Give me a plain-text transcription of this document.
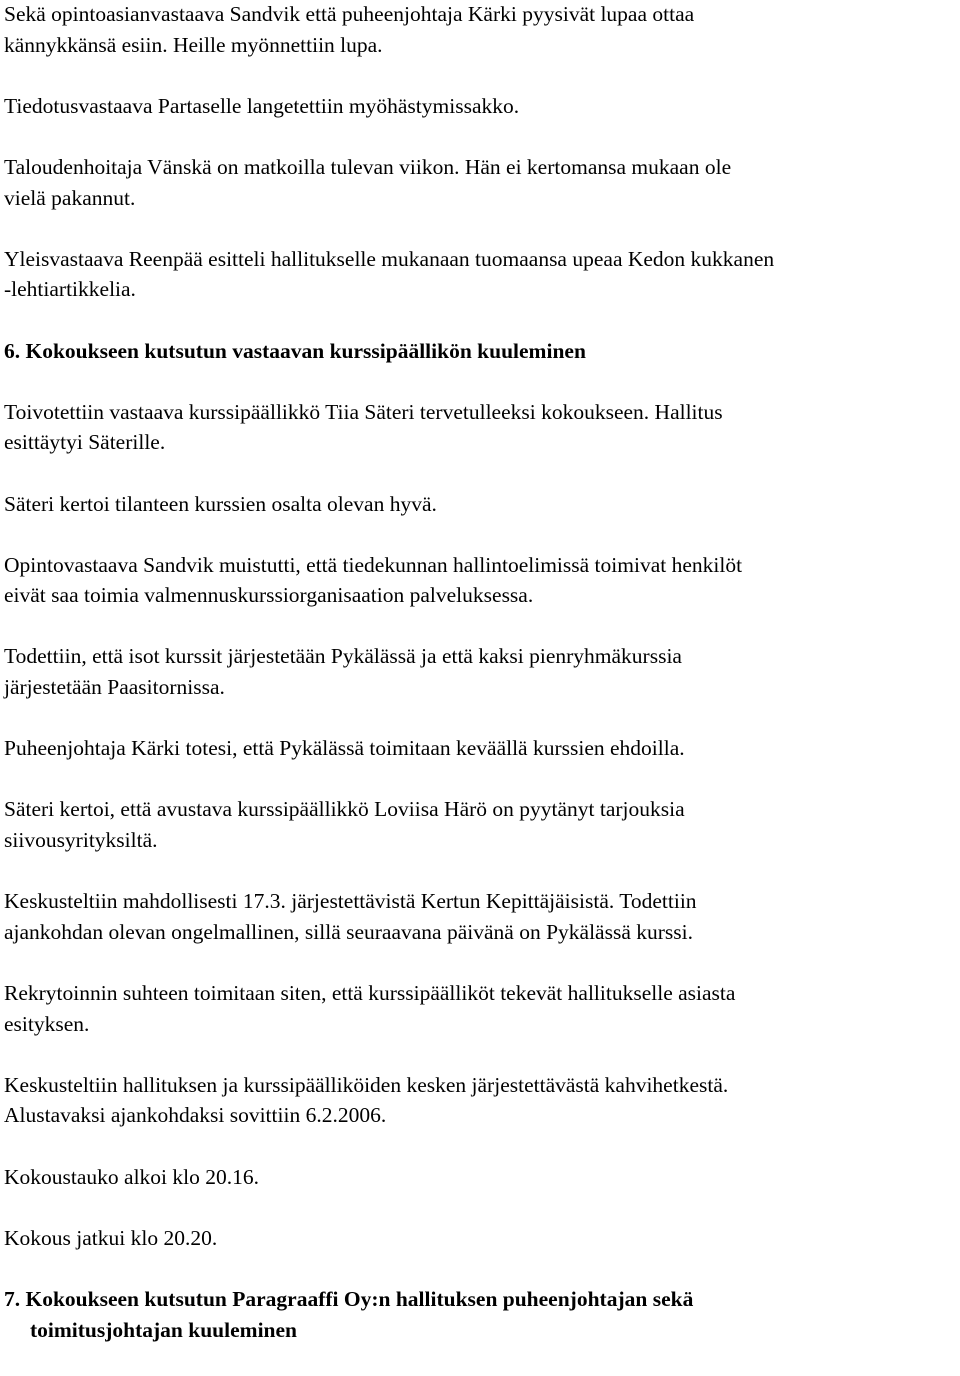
Sekä opintoasianvastaava Sandvik että puheenjohtaja Kärki pyysivät lupaa ottaa
kännykkänsä esiin. Heille myönnettiin lupa.
Tiedotusvastaava Partaselle langetettiin myöhästymissakko.
Taloudenhoitaja Vänskä on matkoilla tulevan viikon. Hän ei kertomansa mukaan ole
vielä pakannut.
Yleisvastaava Reenpää esitteli hallitukselle mukanaan tuomaansa upeaa Kedon kukkanen
-lehtiartikkelia.
6. Kokoukseen kutsutun vastaavan kurssipäällikön kuuleminen
Toivotettiin vastaava kurssipäällikkö Tiia Säteri tervetulleeksi kokoukseen. Hallitus
esittäytyi Säterille.
Säteri kertoi tilanteen kurssien osalta olevan hyvä.
Opintovastaava Sandvik muistutti, että tiedekunnan hallintoelimissä toimivat henkilöt
eivät saa toimia valmennuskurssiorganisaation palveluksessa.
Todettiin, että isot kurssit järjestetään Pykälässä ja että kaksi pienryhmäkurssia
järjestetään Paasitornissa.
Puheenjohtaja Kärki totesi, että Pykälässä toimitaan keväällä kurssien ehdoilla.
Säteri kertoi, että avustava kurssipäällikkö Loviisa Härö on pyytänyt tarjouksia
siivousyrityksiltä.
Keskusteltiin mahdollisesti 17.3. järjestettävistä Kertun Kepittäjäisistä. Todettiin
ajankohdan olevan ongelmallinen, sillä seuraavana päivänä on Pykälässä kurssi.
Rekrytoinnin suhteen toimitaan siten, että kurssipäälliköt tekevät hallitukselle asiasta
esityksen.
Keskusteltiin hallituksen ja kurssipäälliköiden kesken järjestettävästä kahvihetkestä.
Alustavaksi ajankohdaksi sovittiin 6.2.2006.
Kokoustauko alkoi klo 20.16.
Kokous jatkui klo 20.20.
7. Kokoukseen kutsutun Paragraaffi Oy:n hallituksen puheenjohtajan sekä
toimitusjohtajan kuuleminen
